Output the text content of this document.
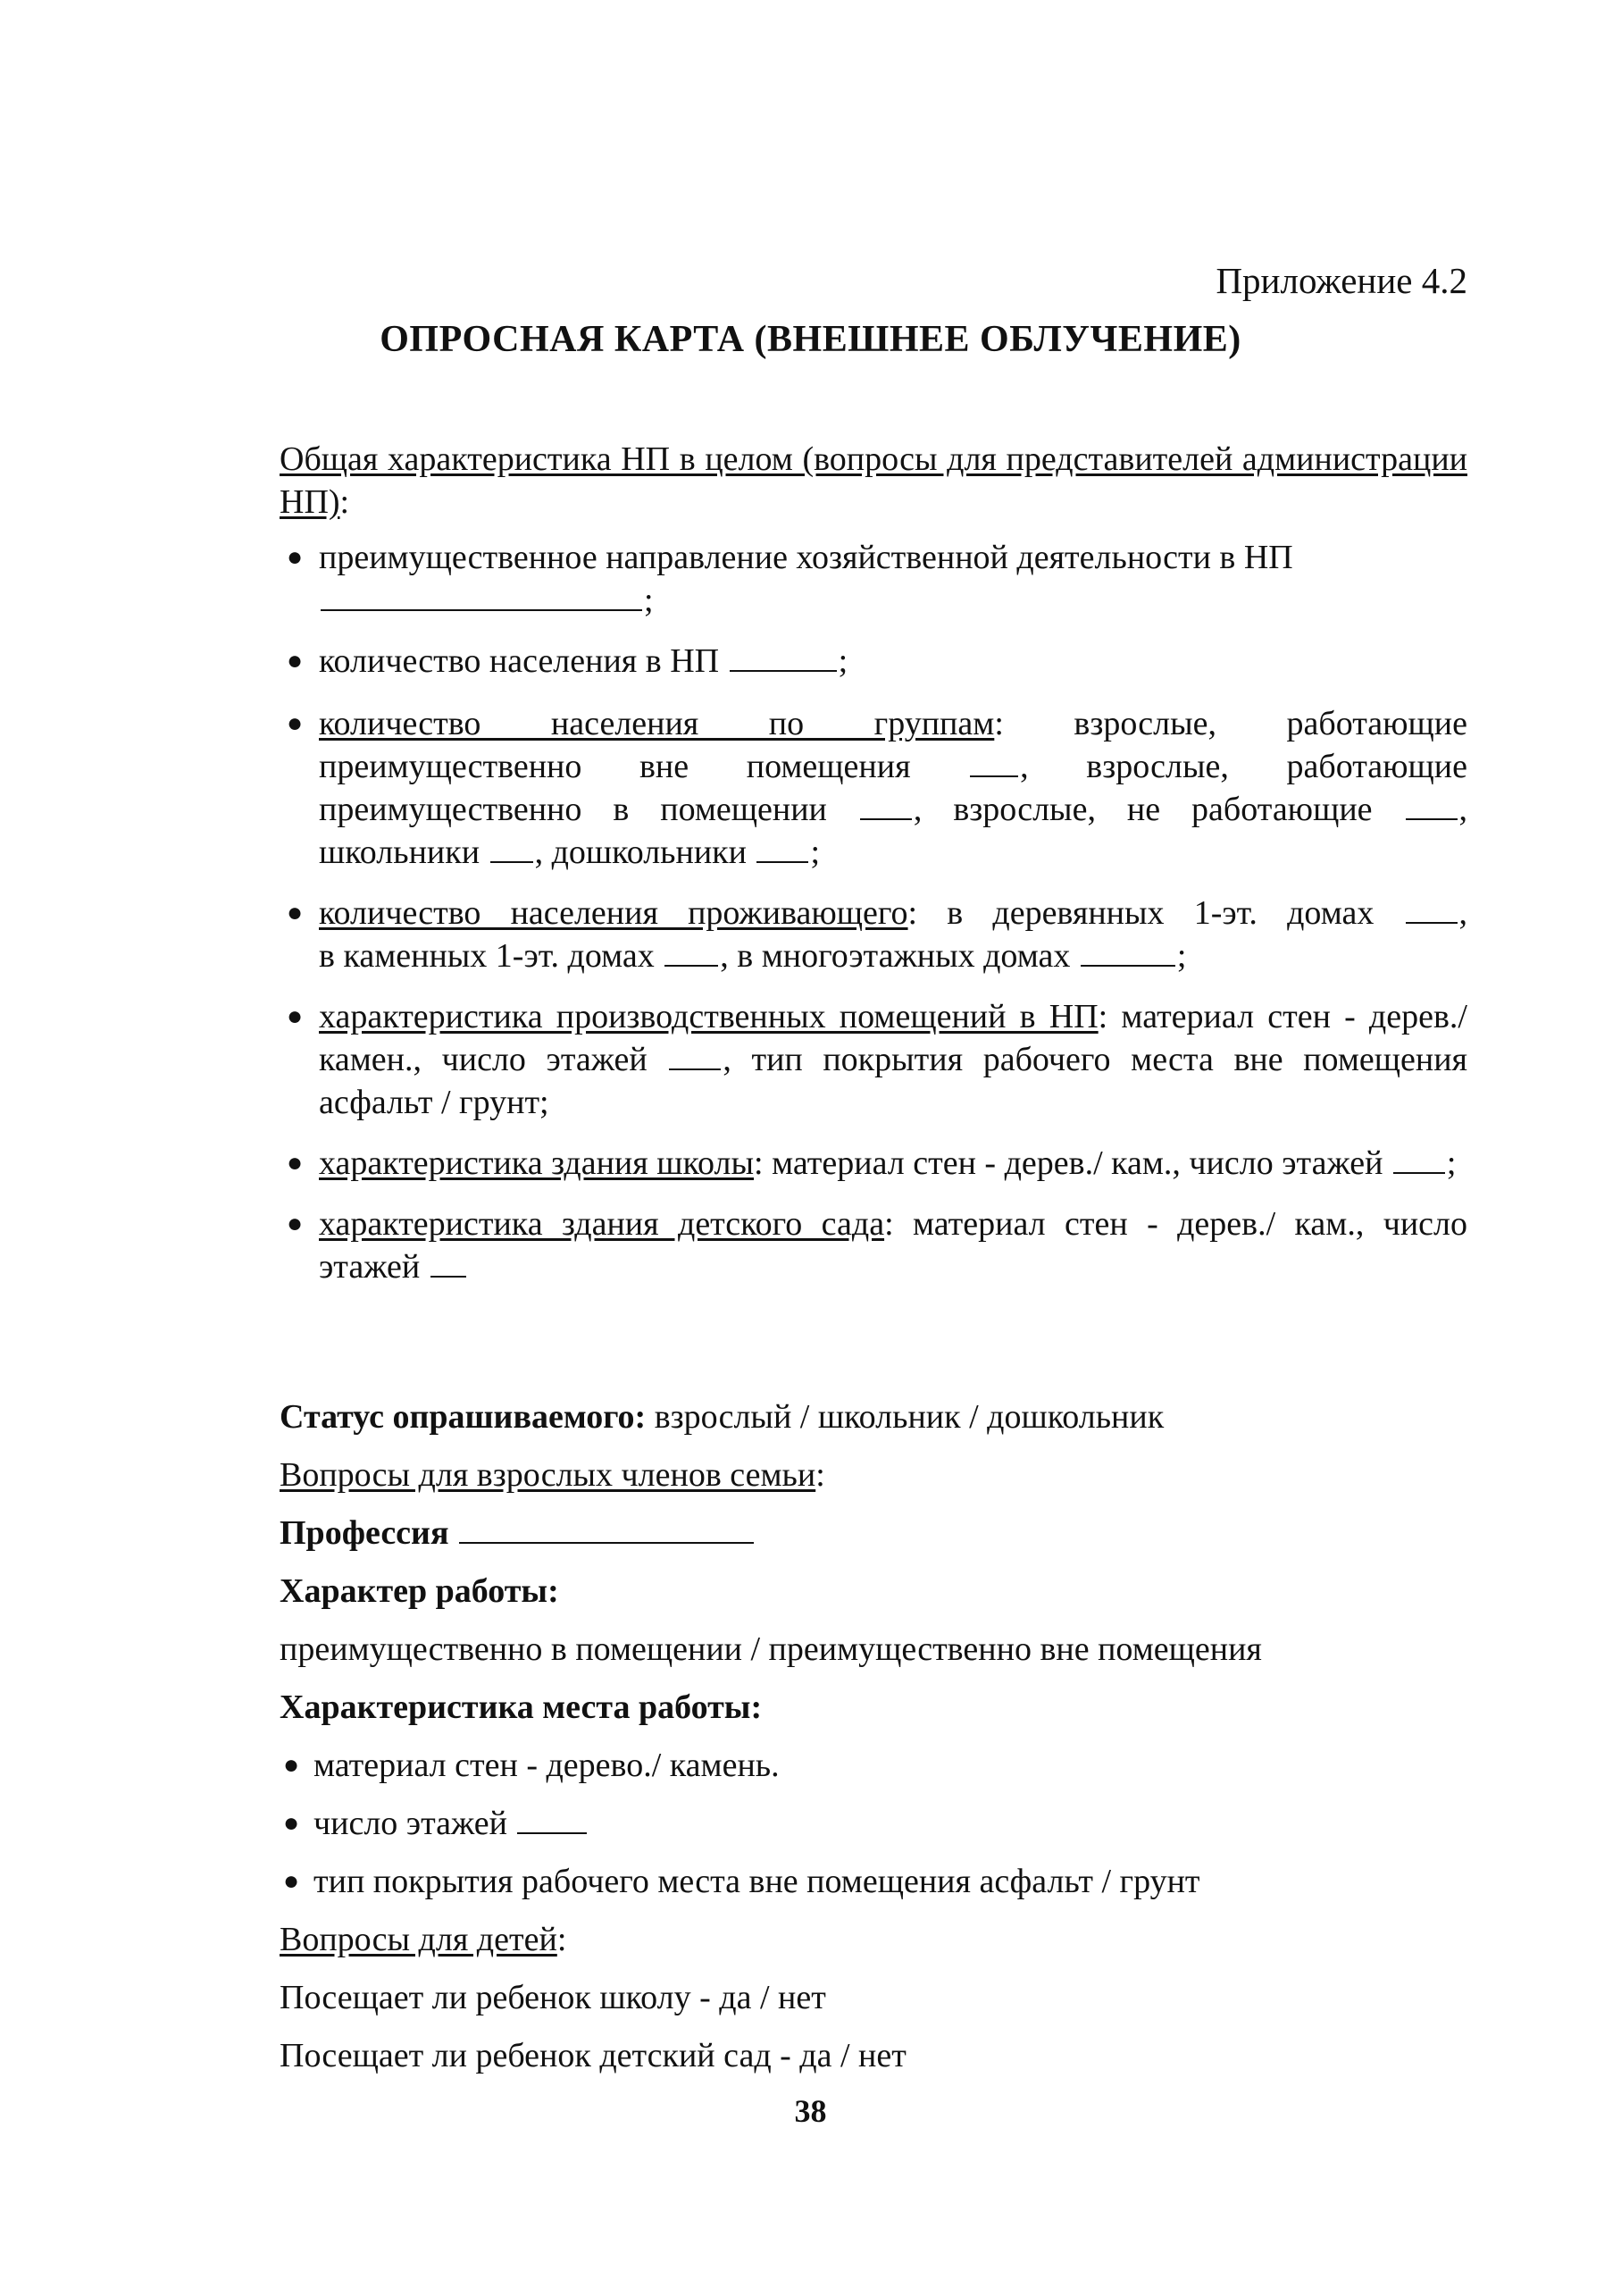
Приложение 4.2
ОПРОСНАЯ КАРТА (ВНЕШНЕЕ ОБЛУЧЕНИЕ)
Общая характеристика НП в целом (вопросы для представителей администрации НП):
● преимущественное направление хозяйственной деятельности в НП
;
● количество населения в НП	;
● количество населения по группам: взрослые, работающие
преимущественно вне помещения	, взрослые, работающие
преимущественно в помещении	, взрослые, не работающие	,
школьники , дошкольники ;
● количество населения проживающего: в деревянных 1-эт. домах	,
в каменных 1-эт. домах , в многоэтажных домах	;
● характеристика производственных помещений в НП: материал стен - дерев./ камен., число этажей , тип покрытия рабочего места вне помещения асфальт / грунт;
● характеристика здания школы: материал стен - дерев./ кам., число этажей ;
● характеристика здания детского сада: материал стен - дерев./ кам., число этажей
Статус опрашиваемого: взрослый / школьник / дошкольник
Вопросы для взрослых членов семьи:
Профессия
Характер работы:
преимущественно в помещении / преимущественно вне помещения
Характеристика места работы:
● материал стен - дерево./ камень.
● число этажей
● тип покрытия рабочего места вне помещения асфальт / грунт
Вопросы для детей:
Посещает ли ребенок школу - да / нет
Посещает ли ребенок детский сад - да / нет
38
